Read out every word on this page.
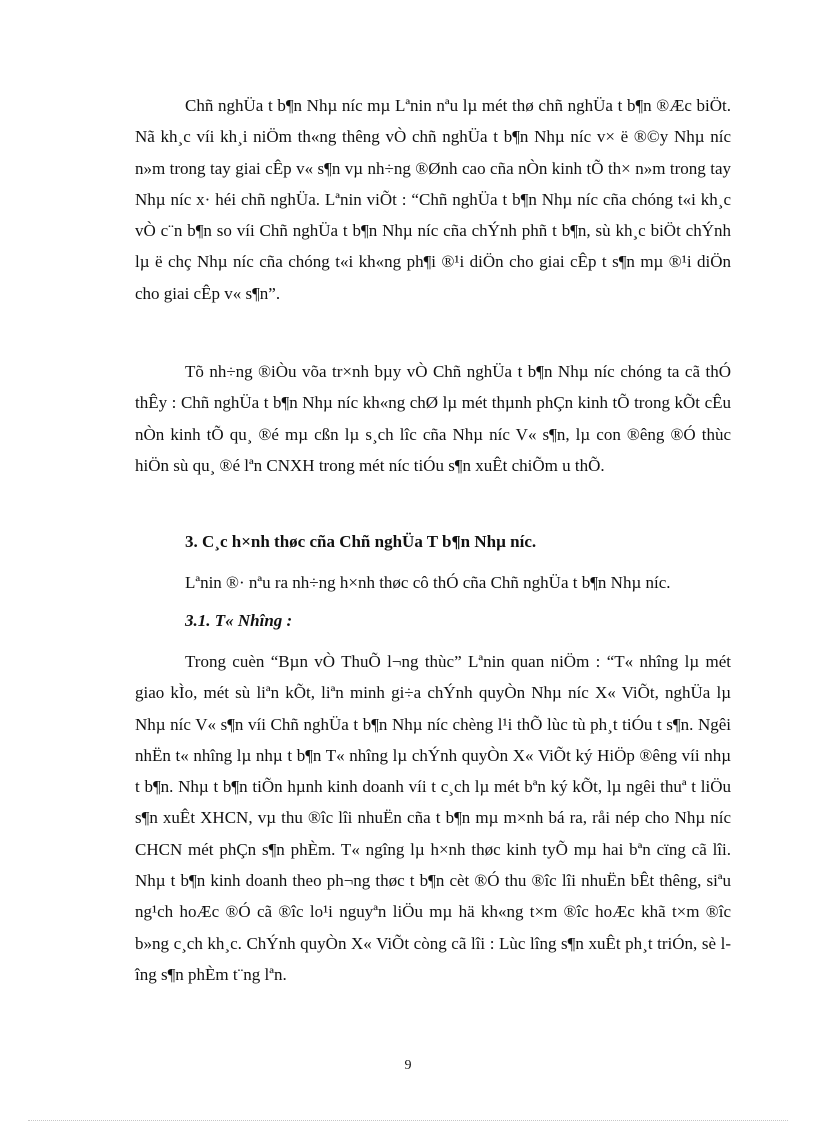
Chñ nghÜa t b¶n Nhµ níc mµ Lªnin nªu lµ mét thø chñ nghÜa t b¶n ®Æc biÖt. Nã kh¸c víi kh¸i niÖm th«ng thêng vÒ chñ nghÜa t b¶n Nhµ níc v× ë ®©y Nhµ níc n»m trong tay giai cÊp v« s¶n vµ nh÷ng ®Ønh cao cña nÒn kinh tÕ th× n»m trong tay Nhµ níc x· héi chñ nghÜa. Lªnin viÕt : “Chñ nghÜa t b¶n Nhµ níc cña chóng t«i kh¸c vÒ c¨n b¶n so víi Chñ nghÜa t b¶n Nhµ níc cña chÝnh phñ t b¶n, sù kh¸c biÖt chÝnh lµ ë chç Nhµ níc cña chóng t«i kh«ng ph¶i ®¹i diÖn cho giai cÊp t s¶n mµ ®¹i diÖn cho giai cÊp v« s¶n”.

Tõ nh÷ng ®iÒu võa tr×nh bµy vÒ Chñ nghÜa t b¶n Nhµ níc chóng ta cã thÓ thÊy : Chñ nghÜa t b¶n Nhµ níc kh«ng chØ lµ mét thµnh phÇn kinh tÕ trong kÕt cÊu nÒn kinh tÕ qu¸ ®é mµ cßn lµ s¸ch lîc cña Nhµ níc V« s¶n, lµ con ®êng ®Ó thùc hiÖn sù qu¸ ®é lªn CNXH trong mét níc tiÓu s¶n xuÊt chiÕm u thÕ.

3. C¸c h×nh thøc cña Chñ nghÜa T b¶n Nhµ níc.

Lªnin ®· nªu ra nh÷ng h×nh thøc cô thÓ cña Chñ nghÜa t b¶n Nhµ níc.

3.1. T« Nhîng :

Trong cuèn “Bµn vÒ ThuÕ l¬ng thùc” Lªnin quan niÖm : “T« nhîng lµ mét giao kÌo, mét sù liªn kÕt, liªn minh gi÷a chÝnh quyÒn Nhµ níc X« ViÕt, nghÜa lµ Nhµ níc V« s¶n víi Chñ nghÜa t b¶n Nhµ níc chèng l¹i thÕ lùc tù ph¸t tiÓu t s¶n. Ngêi nhËn t« nhîng lµ nhµ t b¶n T« nhîng lµ chÝnh quyÒn X« ViÕt ký HiÖp ®êng víi nhµ t b¶n. Nhµ t b¶n tiÕn hµnh kinh doanh víi t c¸ch lµ mét bªn ký kÕt, lµ ngêi thuª t liÖu s¶n xuÊt XHCN, vµ thu ®îc lîi nhuËn cña t b¶n mµ m×nh bá ra, råi nép cho Nhµ níc CHCN mét phÇn s¶n phÈm. T« ngîng lµ h×nh thøc kinh tyÕ mµ hai bªn cïng cã lîi. Nhµ t b¶n kinh doanh theo ph¬ng thøc t b¶n cèt ®Ó thu ®îc lîi nhuËn bÊt thêng, siªu ng¹ch hoÆc ®Ó cã ®îc lo¹i nguyªn liÖu mµ hä kh«ng t×m ®îc hoÆc khã t×m ®îc b»ng c¸ch kh¸c. ChÝnh quyÒn X« ViÕt còng cã lîi : Lùc lîng s¶n xuÊt ph¸t triÓn, sè lîng s¶n phÈm t¨ng lªn.

9
